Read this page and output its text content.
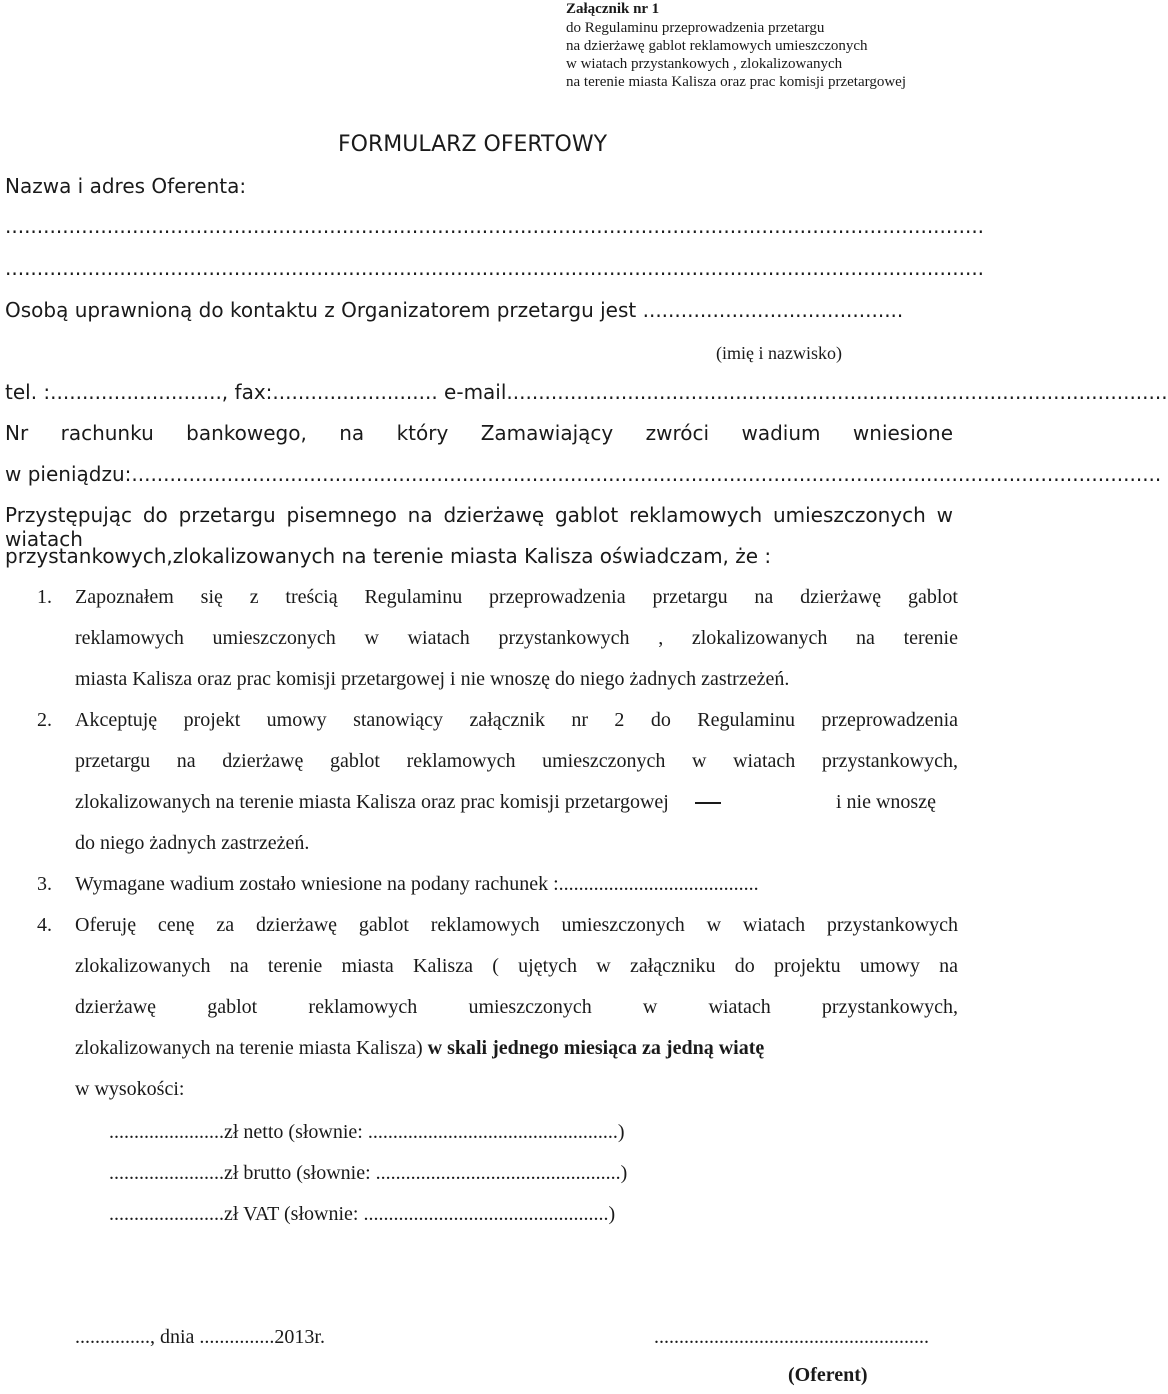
Załącznik nr 1
do Regulaminu przeprowadzenia przetargu
na dzierżawę gablot reklamowych umieszczonych
w wiatach przystankowych , zlokalizowanych
na terenie miasta Kalisza oraz prac komisji przetargowej
FORMULARZ OFERTOWY
Nazwa i adres Oferenta:
..........................................................................................................................................................
..........................................................................................................................................................
Osobą uprawnioną do kontaktu z Organizatorem przetargu jest .........................................
(imię i nazwisko)
tel. :..........................., fax:.......................... e-mail........................................................................................................
Nr rachunku bankowego, na który Zamawiający zwróci wadium wniesione
w pieniądzu:..................................................................................................................................................................
Przystępując do przetargu pisemnego na dzierżawę gablot reklamowych umieszczonych w wiatach
przystankowych,zlokalizowanych na terenie miasta Kalisza oświadczam, że :
1. Zapoznałem się z treścią Regulaminu przeprowadzenia przetargu na dzierżawę gablot
reklamowych umieszczonych w wiatach przystankowych , zlokalizowanych na terenie
miasta Kalisza oraz prac komisji przetargowej i nie wnoszę do niego żadnych zastrzeżeń.
2. Akceptuję projekt umowy stanowiący załącznik nr 2 do Regulaminu przeprowadzenia
przetargu na dzierżawę gablot reklamowych umieszczonych w wiatach przystankowych,
zlokalizowanych na terenie miasta Kalisza oraz prac komisji przetargowej	i nie wnoszę
do niego żadnych zastrzeżeń.
3. Wymagane wadium zostało wniesione na podany rachunek :........................................
4. Oferuję cenę za dzierżawę gablot reklamowych umieszczonych w wiatach przystankowych
zlokalizowanych na terenie miasta Kalisza ( ujętych w załączniku do projektu umowy na
dzierżawę gablot reklamowych umieszczonych w wiatach przystankowych,
zlokalizowanych na terenie miasta Kalisza) w skali jednego miesiąca za jedną wiatę
w wysokości:
.......................zł netto (słownie: ..................................................)
.......................zł brutto (słownie: .................................................)
.......................zł VAT (słownie: .................................................)
..............., dnia ...............2013r.	.......................................................
(Oferent)
